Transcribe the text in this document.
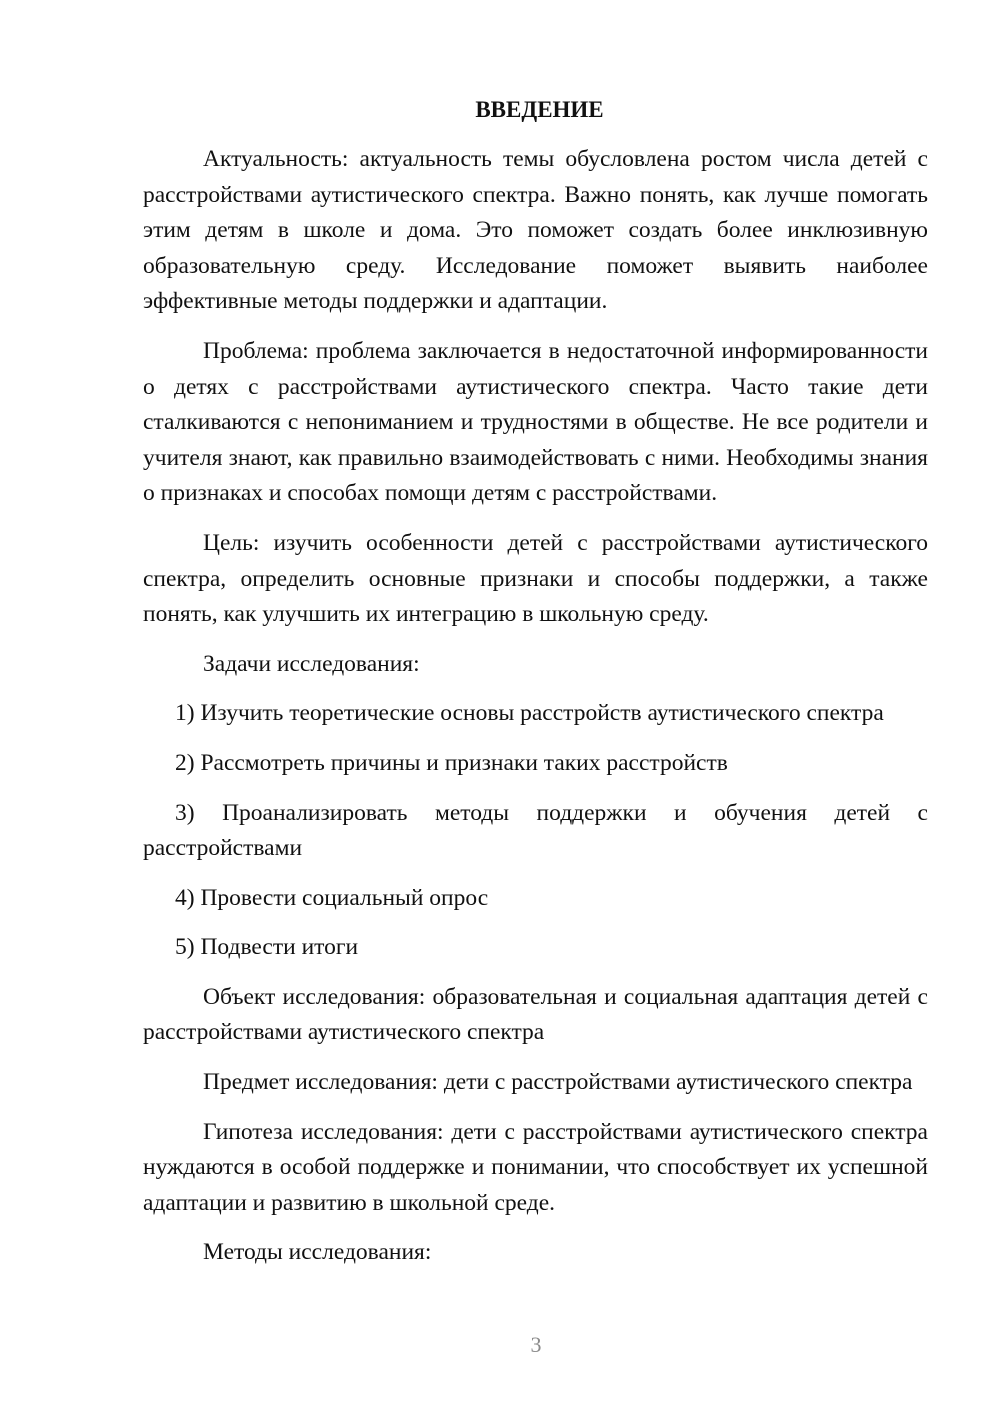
ВВЕДЕНИЕ

Актуальность: актуальность темы обусловлена ростом числа детей с расстройствами аутистического спектра. Важно понять, как лучше помогать этим детям в школе и дома. Это поможет создать более инклюзивную образовательную среду. Исследование поможет выявить наиболее эффективные методы поддержки и адаптации.

Проблема: проблема заключается в недостаточной информированности о детях с расстройствами аутистического спектра. Часто такие дети сталкиваются с непониманием и трудностями в обществе. Не все родители и учителя знают, как правильно взаимодействовать с ними. Необходимы знания о признаках и способах помощи детям с расстройствами.

Цель: изучить особенности детей с расстройствами аутистического спектра, определить основные признаки и способы поддержки, а также понять, как улучшить их интеграцию в школьную среду.

Задачи исследования:

1) Изучить теоретические основы расстройств аутистического спектра

2) Рассмотреть причины и признаки таких расстройств

3) Проанализировать методы поддержки и обучения детей с расстройствами

4) Провести социальный опрос

5) Подвести итоги

Объект исследования: образовательная и социальная адаптация детей с расстройствами аутистического спектра

Предмет исследования: дети с расстройствами аутистического спектра

Гипотеза исследования: дети с расстройствами аутистического спектра нуждаются в особой поддержке и понимании, что способствует их успешной адаптации и развитию в школьной среде.

Методы исследования:

3
